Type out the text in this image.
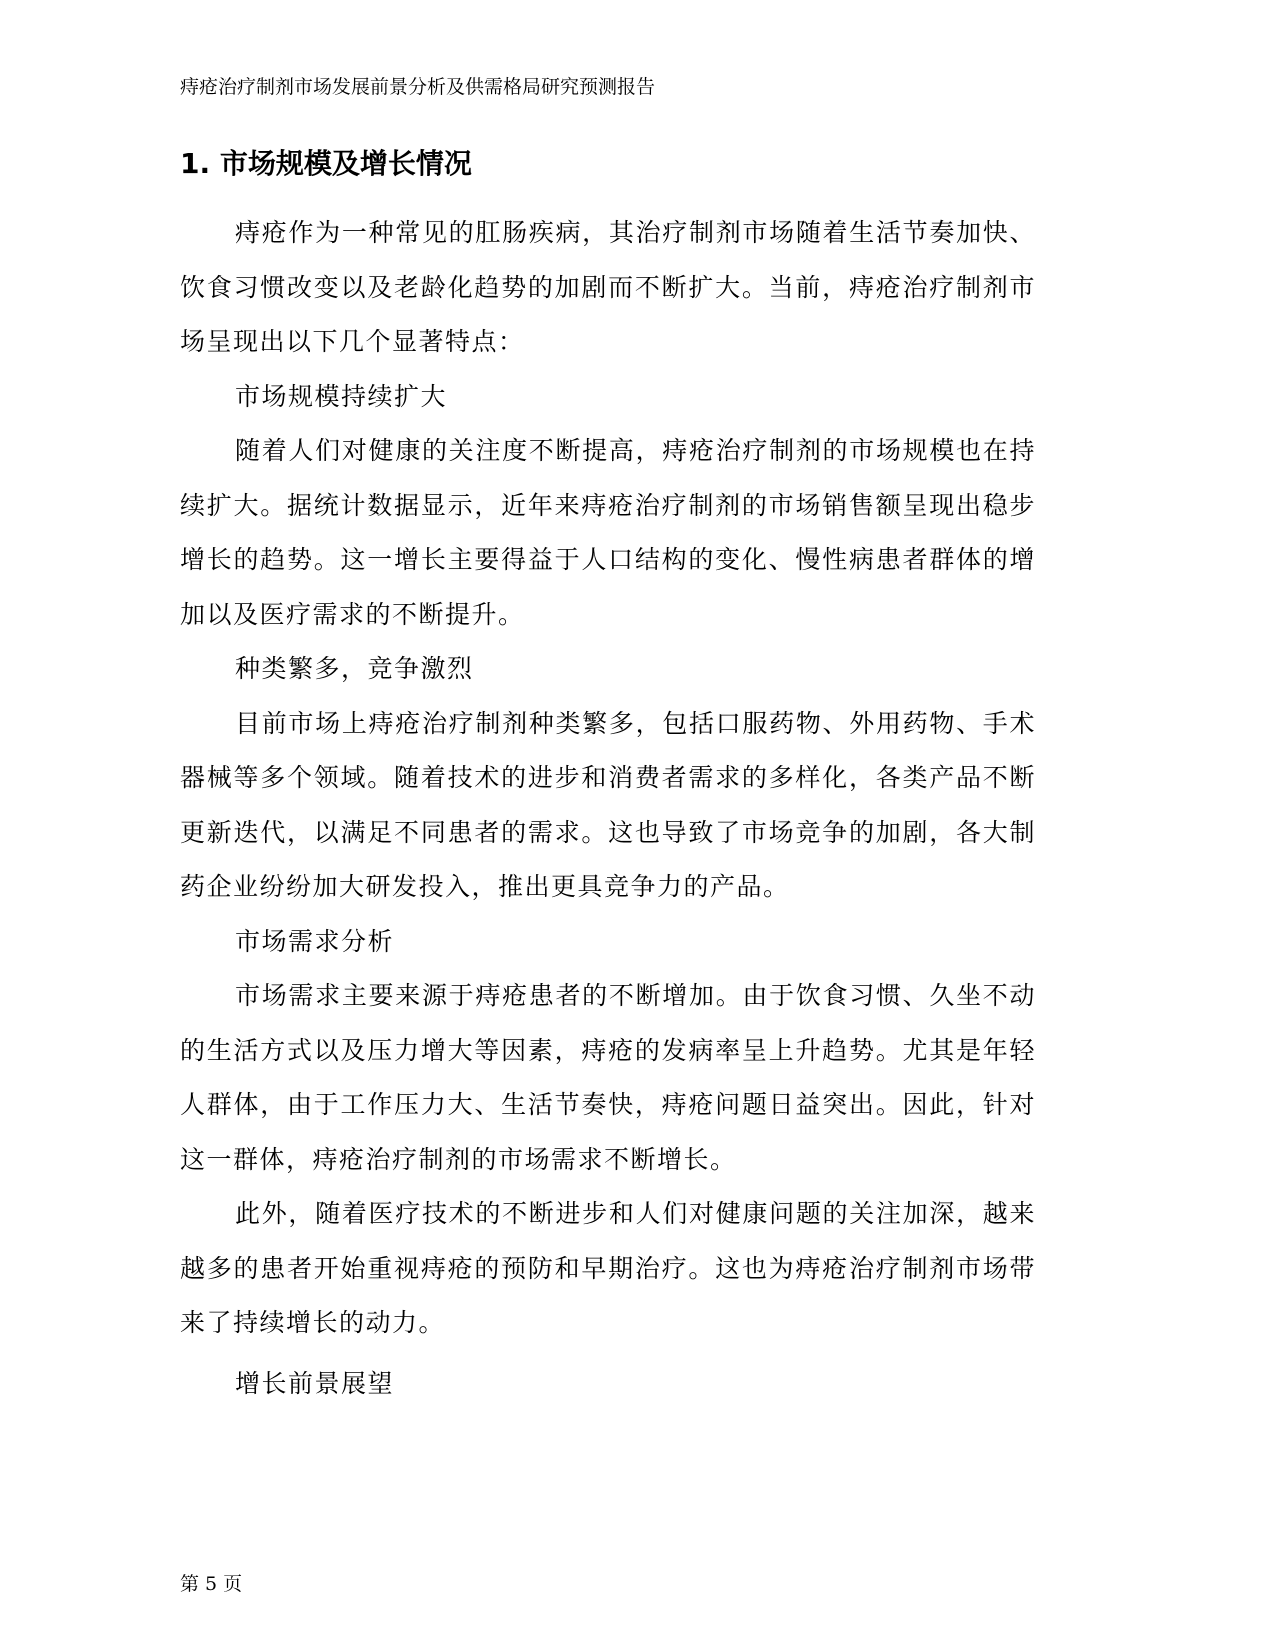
痔疮治疗制剂市场发展前景分析及供需格局研究预测报告
1. 市场规模及增长情况

痔疮作为一种常见的肛肠疾病，其治疗制剂市场随着生活节奏加快、饮食习惯改变以及老龄化趋势的加剧而不断扩大。当前，痔疮治疗制剂市场呈现出以下几个显著特点：

市场规模持续扩大

随着人们对健康的关注度不断提高，痔疮治疗制剂的市场规模也在持续扩大。据统计数据显示，近年来痔疮治疗制剂的市场销售额呈现出稳步增长的趋势。这一增长主要得益于人口结构的变化、慢性病患者群体的增加以及医疗需求的不断提升。

种类繁多，竞争激烈

目前市场上痔疮治疗制剂种类繁多，包括口服药物、外用药物、手术器械等多个领域。随着技术的进步和消费者需求的多样化，各类产品不断更新迭代，以满足不同患者的需求。这也导致了市场竞争的加剧，各大制药企业纷纷加大研发投入，推出更具竞争力的产品。

市场需求分析

市场需求主要来源于痔疮患者的不断增加。由于饮食习惯、久坐不动的生活方式以及压力增大等因素，痔疮的发病率呈上升趋势。尤其是年轻人群体，由于工作压力大、生活节奏快，痔疮问题日益突出。因此，针对这一群体，痔疮治疗制剂的市场需求不断增长。

此外，随着医疗技术的不断进步和人们对健康问题的关注加深，越来越多的患者开始重视痔疮的预防和早期治疗。这也为痔疮治疗制剂市场带来了持续增长的动力。

增长前景展望

第 5 页
